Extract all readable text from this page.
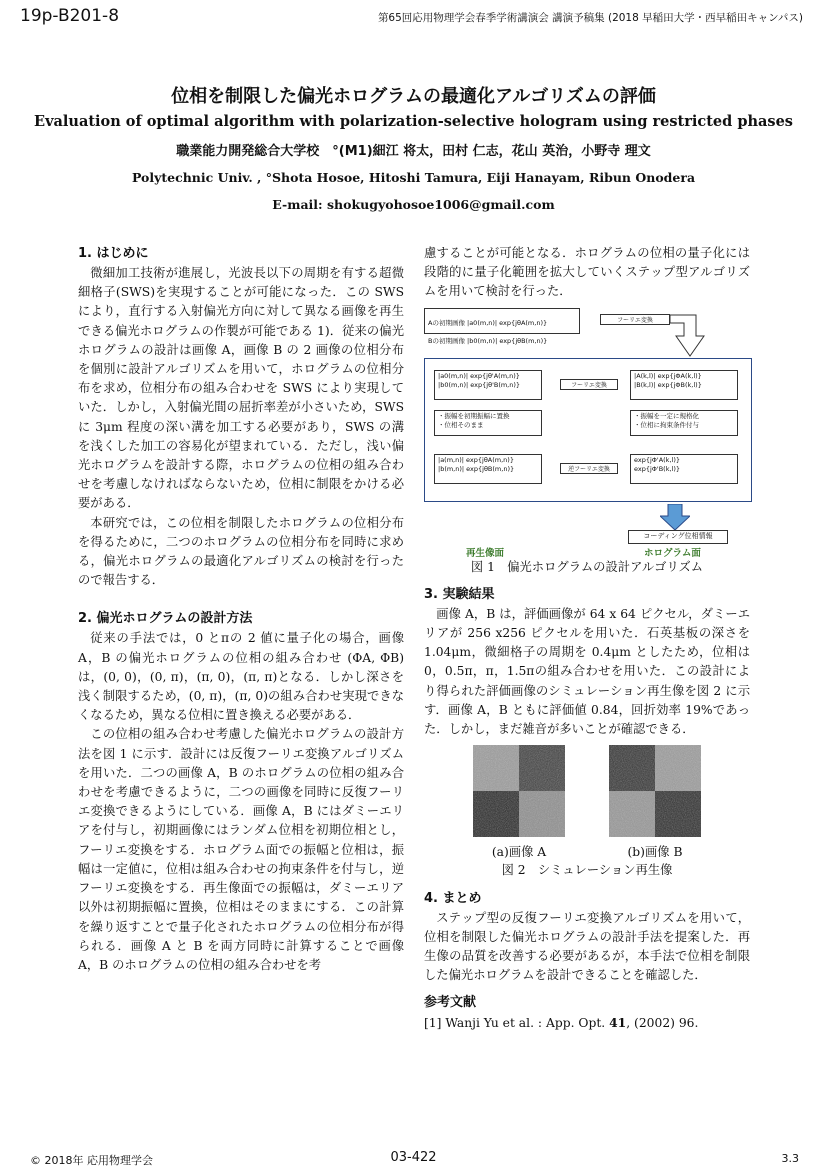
19p-B201-8	第65回応用物理学会春季学術講演会 講演予稿集 (2018 早稲田大学・西早稲田キャンパス)
位相を制限した偏光ホログラムの最適化アルゴリズムの評価
Evaluation of optimal algorithm with polarization-selective hologram using restricted phases
職業能力開発総合大学校　°(M1)細江 将太，田村 仁志，花山 英治，小野寺 理文
Polytechnic Univ. , °Shota Hosoe, Hitoshi Tamura, Eiji Hanayam, Ribun Onodera
E-mail: shokugyohosoe1006@gmail.com
1. はじめに

微細加工技術が進展し，光波長以下の周期を有する超微細格子(SWS)を実現することが可能になった．この SWS により，直行する入射偏光方向に対して異なる画像を再生できる偏光ホログラムの作製が可能である 1)．従来の偏光ホログラムの設計は画像 A，画像 B の 2 画像の位相分布を個別に設計アルゴリズムを用いて，ホログラムの位相分布を求め，位相分布の組み合わせを SWS により実現していた．しかし，入射偏光間の屈折率差が小さいため，SWS に 3μm 程度の深い溝を加工する必要があり，SWS の溝を浅くした加工の容易化が望まれている．ただし，浅い偏光ホログラムを設計する際，ホログラムの位相の組み合わせを考慮しなければならないため，位相に制限をかける必要がある．

本研究では，この位相を制限したホログラムの位相分布を得るために，二つのホログラムの位相分布を同時に求める，偏光ホログラムの最適化アルゴリズムの検討を行ったので報告する．

2. 偏光ホログラムの設計方法

従来の手法では，0 とπの 2 値に量子化の場合，画像 A，B の偏光ホログラムの位相の組み合わせ (ΦA, ΦB) は，(0, 0)，(0, π)，(π, 0)，(π, π)となる．しかし深さを浅く制限するため，(0, π)，(π, 0)の組み合わせ実現できなくなるため，異なる位相に置き換える必要がある．

この位相の組み合わせ考慮した偏光ホログラムの設計方法を図 1 に示す．設計には反復フーリエ変換アルゴリズムを用いた．二つの画像 A，B のホログラムの位相の組み合わせを考慮できるように，二つの画像を同時に反復フーリエ変換できるようにしている．画像 A，B にはダミーエリアを付与し，初期画像にはランダム位相を初期位相とし，フーリエ変換をする．ホログラム面での振幅と位相は，振幅は一定値に，位相は組み合わせの拘束条件を付与し，逆フーリエ変換をする．再生像面での振幅は，ダミーエリア以外は初期振幅に置換，位相はそのままにする．この計算を繰り返すことで量子化されたホログラムの位相分布が得られる．画像 A と B を両方同時に計算することで画像 A，B のホログラムの位相の組み合わせを考

慮することが可能となる．ホログラムの位相の量子化には段階的に量子化範囲を拡大していくステップ型アルゴリズムを用いて検討を行った．

Aの初期画像 |a0(m,n)| exp{jθA(m,n)}

Bの初期画像 |b0(m,n)| exp{jθB(m,n)}

フーリエ変換
|a0(m,n)| exp{jθ'A(m,n)}
|b0(m,n)| exp{jθ'B(m,n)}	フーリエ変換
|A(k,l)| exp{jΦA(k,l)}
|B(k,l)| exp{jΦB(k,l)}
・振幅を初期振幅に置換
・位相そのまま
・振幅を一定に規格化
・位相に拘束条件付与
|a(m,n)| exp{jθA(m,n)}
|b(m,n)| exp{jθB(m,n)}	逆フーリエ変換
exp{jΦ'A(k,l)}
exp{jΦ'B(k,l)}
コーディング位相情報
再生像面	ホログラム面
図 1　偏光ホログラムの設計アルゴリズム
3. 実験結果

画像 A，B は，評価画像が 64 x 64 ピクセル，ダミーエリアが 256 x256 ピクセルを用いた．石英基板の深さを 1.04μm，微細格子の周期を 0.4μm としたため，位相は 0，0.5π，π，1.5πの組み合わせを用いた．この設計により得られた評価画像のシミュレーション再生像を図 2 に示す．画像 A，B ともに評価値 0.84，回折効率 19%であった．しかし，まだ雑音が多いことが確認できる．

(a)画像 A	(b)画像 B
図 2　シミュレーション再生像
4. まとめ

ステップ型の反復フーリエ変換アルゴリズムを用いて，位相を制限した偏光ホログラムの設計手法を提案した．再生像の品質を改善する必要があるが，本手法で位相を制限した偏光ホログラムを設計できることを確認した．

参考文献
[1] Wanji Yu et al. : App. Opt. 41, (2002) 96.
© 2018年 応用物理学会	03-422	3.3
